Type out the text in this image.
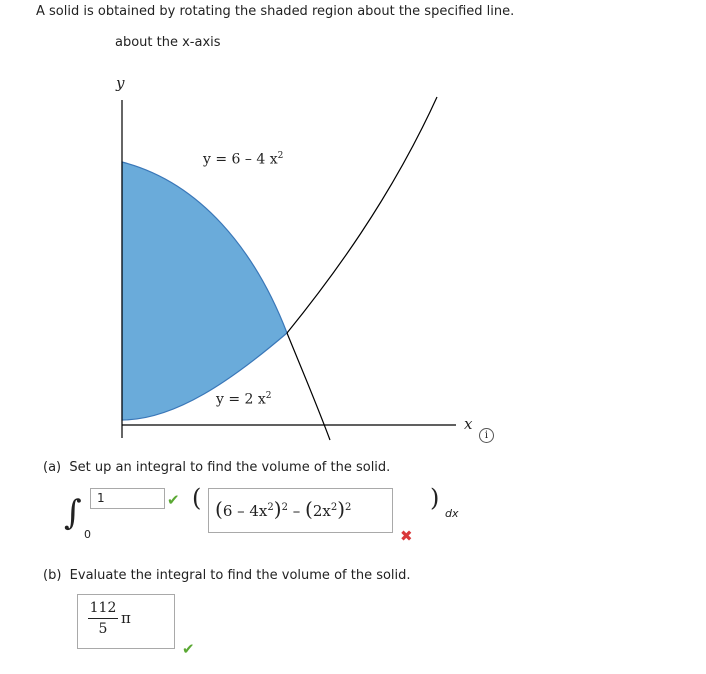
A solid is obtained by rotating the shaded region about the specified line.
about the x-axis
y
x
y = 6 – 4 $x^2$
y = 2 $x^2$
i
(a) Set up an integral to find the volume of the solid.
∫
0
1	✔ ( $(6 - 4x^2)^2 - (2x^2)^2$
✖
)
dx
(b) Evaluate the integral to find the volume of the solid.
112
5
π
✔
